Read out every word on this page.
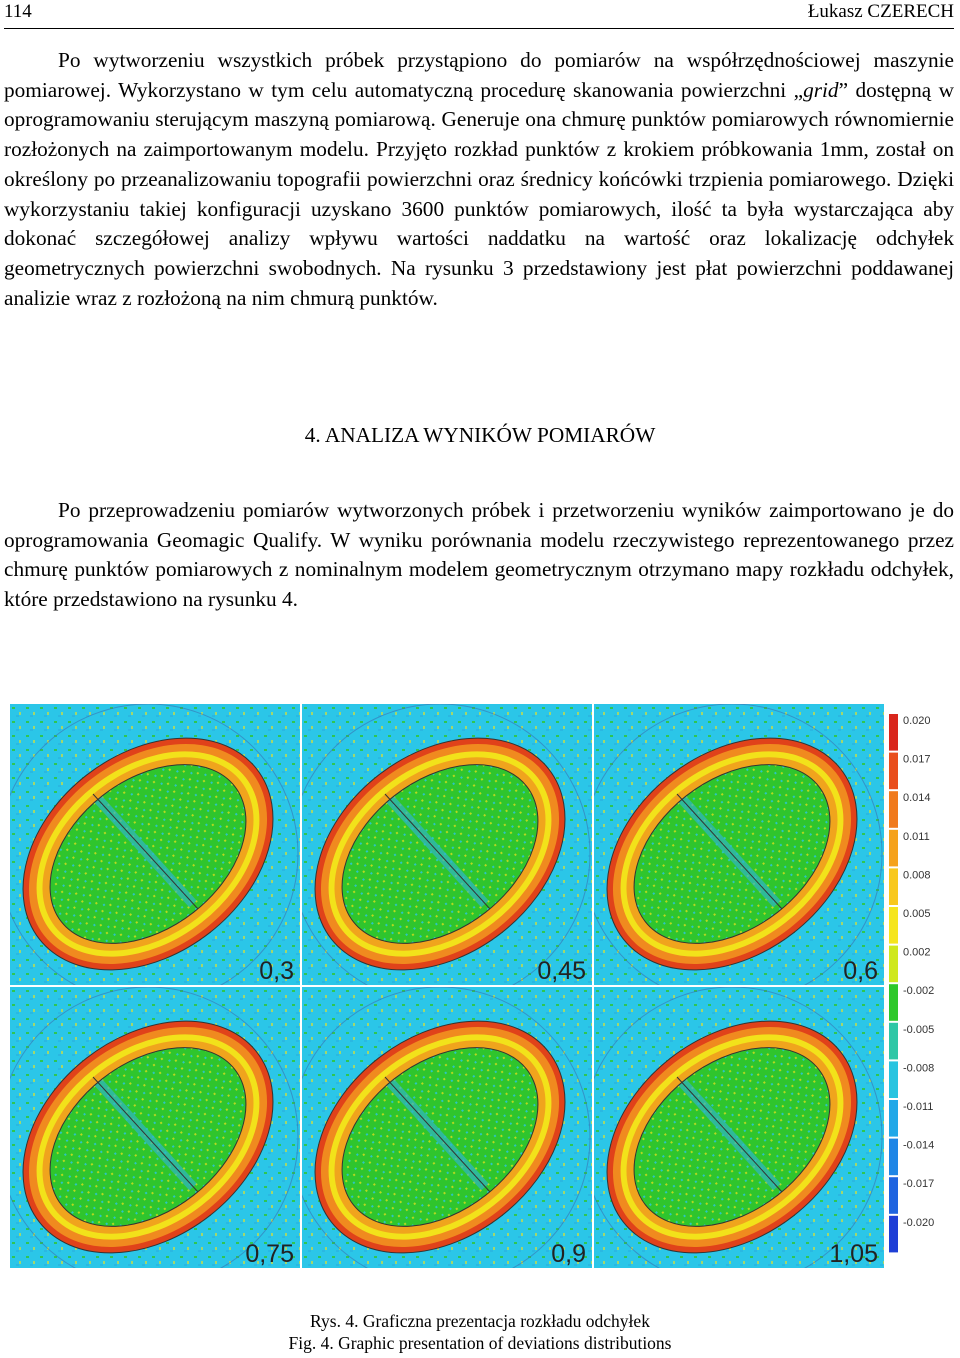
114	Łukasz CZERECH

Po wytworzeniu wszystkich próbek przystąpiono do pomiarów na współrzędnościowej maszynie pomiarowej. Wykorzystano w tym celu automatyczną procedurę skanowania powierzchni „grid” dostępną w oprogramowaniu sterującym maszyną pomiarową. Generuje ona chmurę punktów pomiarowych równomiernie rozłożonych na zaimportowanym modelu. Przyjęto rozkład punktów z krokiem próbkowania 1mm, został on określony po przeanalizowaniu topografii powierzchni oraz średnicy końcówki trzpienia pomiarowego. Dzięki wykorzystaniu takiej konfiguracji uzyskano 3600 punktów pomiarowych, ilość ta była wystarczająca aby dokonać szczegółowej analizy wpływu wartości naddatku na wartość oraz lokalizację odchyłek geometrycznych powierzchni swobodnych. Na rysunku 3 przedstawiony jest płat powierzchni poddawanej analizie wraz z rozłożoną na nim chmurą punktów.

4. ANALIZA WYNIKÓW POMIARÓW

Po przeprowadzeniu pomiarów wytworzonych próbek i przetworzeniu wyników zaimportowano je do oprogramowania Geomagic Qualify. W wyniku porównania modelu rzeczywistego reprezentowanego przez chmurę punktów pomiarowych z nominalnym modelem geometrycznym otrzymano mapy rozkładu odchyłek, które przedstawiono na rysunku 4.

0,3	0,45	0,6
0,75	0,9	1,05
0.020
0.017
0.014
0.011
0.008
0.005
0.002
-0.002
-0.005
-0.008
-0.011
-0.014
-0.017
-0.020
Rys. 4. Graficzna prezentacja rozkładu odchyłek
Fig. 4. Graphic presentation of deviations distributions
